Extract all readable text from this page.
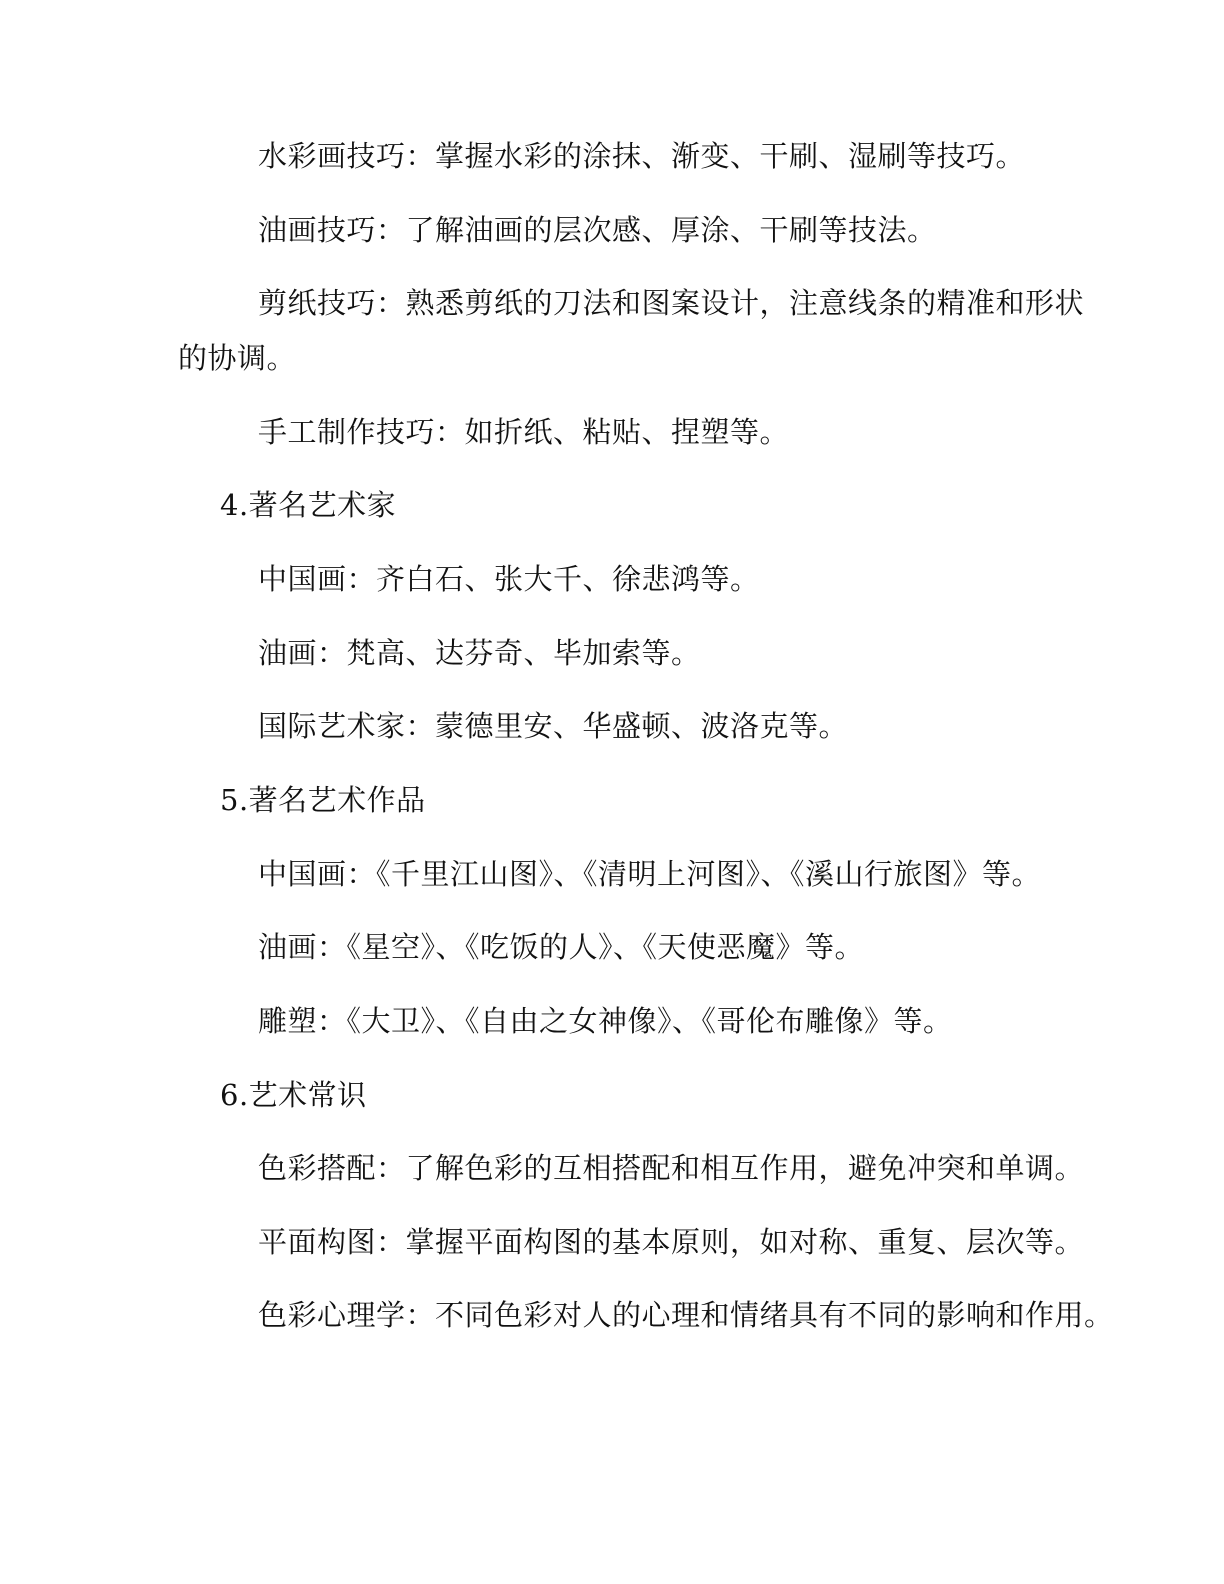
水彩画技巧：掌握水彩的涂抹、渐变、干刷、湿刷等技巧。
油画技巧：了解油画的层次感、厚涂、干刷等技法。
剪纸技巧：熟悉剪纸的刀法和图案设计，注意线条的精准和形状
的协调。
手工制作技巧：如折纸、粘贴、捏塑等。
4.著名艺术家
中国画：齐白石、张大千、徐悲鸿等。
油画：梵高、达芬奇、毕加索等。
国际艺术家：蒙德里安、华盛顿、波洛克等。
5.著名艺术作品
中国画：《千里江山图》、《清明上河图》、《溪山行旅图》等。
油画：《星空》、《吃饭的人》、《天使恶魔》等。
雕塑：《大卫》、《自由之女神像》、《哥伦布雕像》等。
6.艺术常识
色彩搭配：了解色彩的互相搭配和相互作用，避免冲突和单调。
平面构图：掌握平面构图的基本原则，如对称、重复、层次等。
色彩心理学：不同色彩对人的心理和情绪具有不同的影响和作用。
